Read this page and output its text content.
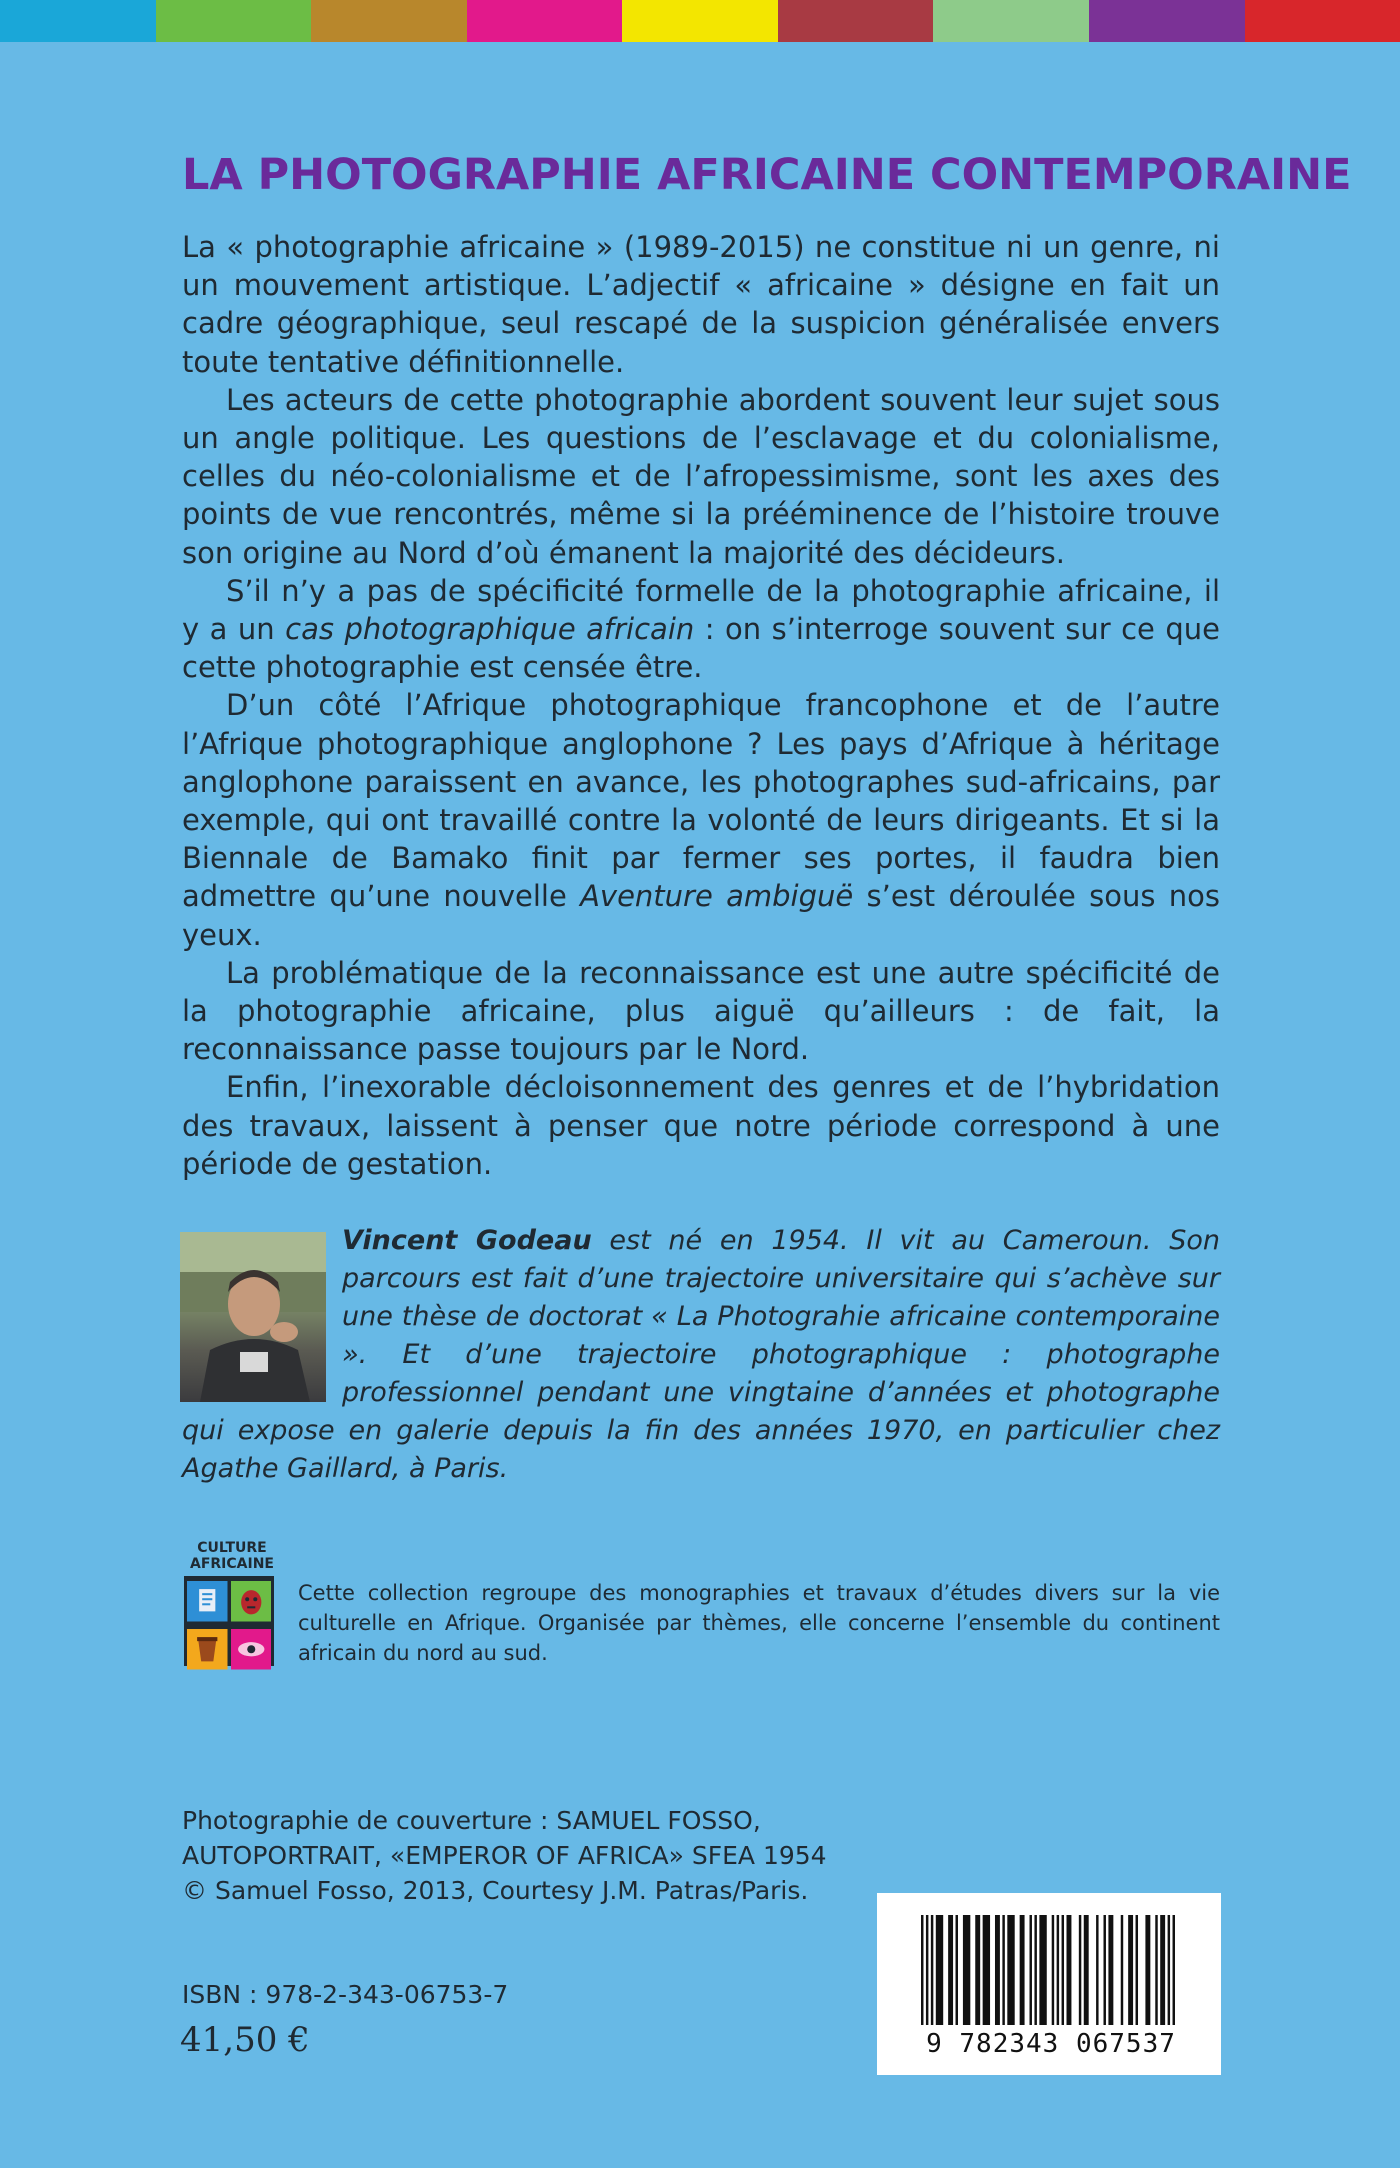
LA PHOTOGRAPHIE AFRICAINE CONTEMPORAINE

La « photographie africaine » (1989-2015) ne constitue ni un genre, ni un mouvement artistique. L’adjectif « africaine » désigne en fait un cadre géographique, seul rescapé de la suspicion généralisée envers toute tentative définitionnelle.

Les acteurs de cette photographie abordent souvent leur sujet sous un angle politique. Les questions de l’esclavage et du colonialisme, celles du néo-colonialisme et de l’afropessimisme, sont les axes des points de vue rencontrés, même si la prééminence de l’histoire trouve son origine au Nord d’où émanent la majorité des décideurs.

S’il n’y a pas de spécificité formelle de la photographie africaine, il y a un cas photographique africain : on s’interroge souvent sur ce que cette photographie est censée être.

D’un côté l’Afrique photographique francophone et de l’autre l’Afrique photographique anglophone ? Les pays d’Afrique à héritage anglophone paraissent en avance, les photographes sud-africains, par exemple, qui ont travaillé contre la volonté de leurs dirigeants. Et si la Biennale de Bamako finit par fermer ses portes, il faudra bien admettre qu’une nouvelle Aventure ambiguë s’est déroulée sous nos yeux.

La problématique de la reconnaissance est une autre spécificité de la photographie africaine, plus aiguë qu’ailleurs : de fait, la reconnaissance passe toujours par le Nord.

Enfin, l’inexorable décloisonnement des genres et de l’hybridation des travaux, laissent à penser que notre période correspond à une période de gestation.

Vincent Godeau est né en 1954. Il vit au Cameroun. Son parcours est fait d’une trajectoire universitaire qui s’achève sur une thèse de doctorat « La Photograhie africaine contemporaine ». Et d’une trajectoire photographique : photographe professionnel pendant une vingtaine d’années et photographe qui expose en galerie depuis la fin des années 1970, en particulier chez Agathe Gaillard, à Paris.
CULTURE
AFRICAINE
Cette collection regroupe des monographies et travaux d’études divers sur la vie culturelle en Afrique. Organisée par thèmes, elle concerne l’ensemble du continent africain du nord au sud.
Photographie de couverture : SAMUEL FOSSO,
AUTOPORTRAIT, «EMPEROR OF AFRICA» SFEA 1954
© Samuel Fosso, 2013, Courtesy J.M. Patras/Paris.
ISBN : 978-2-343-06753-7
41,50 €	9 782343 067537
